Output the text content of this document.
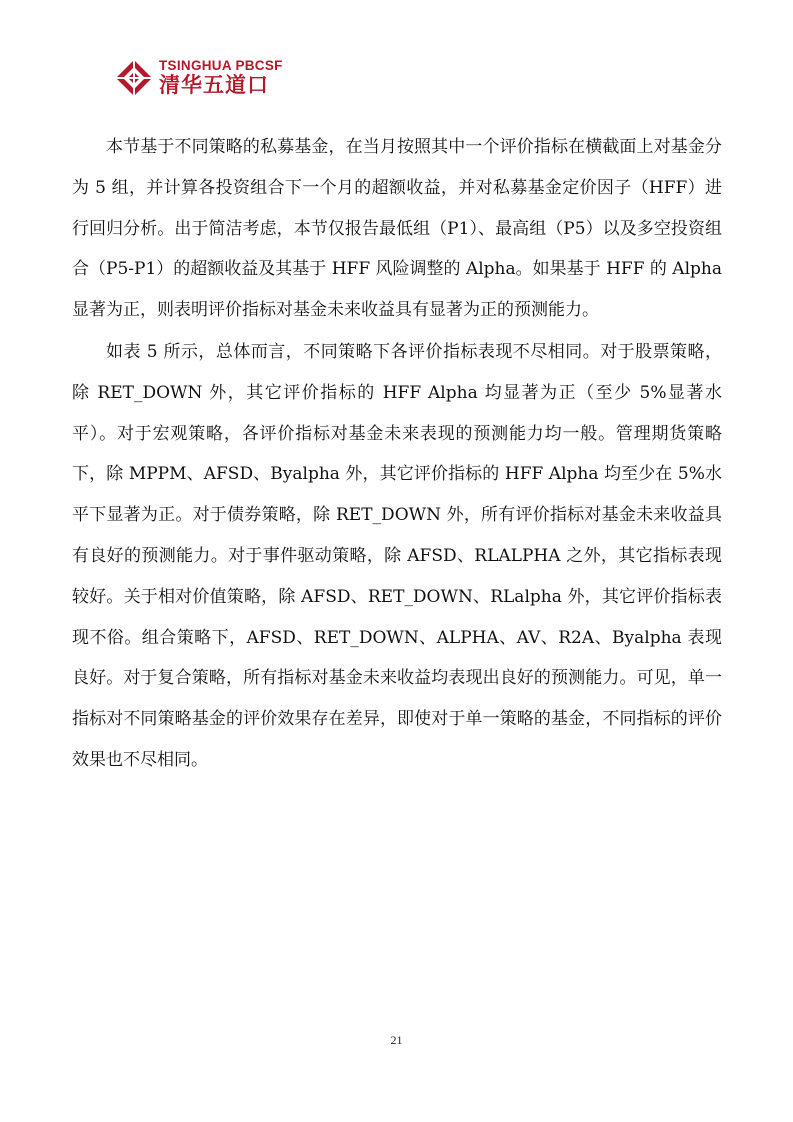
TSINGHUA PBCSF
清华五道口

本节基于不同策略的私募基金，在当月按照其中一个评价指标在横截面上对基金分为 5 组，并计算各投资组合下一个月的超额收益，并对私募基金定价因子（HFF）进行回归分析。出于简洁考虑，本节仅报告最低组（P1）、最高组（P5）以及多空投资组合（P5-P1）的超额收益及其基于 HFF 风险调整的 Alpha。如果基于 HFF 的 Alpha 显著为正，则表明评价指标对基金未来收益具有显著为正的预测能力。

如表 5 所示，总体而言，不同策略下各评价指标表现不尽相同。对于股票策略，除 RET_DOWN 外，其它评价指标的 HFF Alpha 均显著为正（至少 5%显著水平）。对于宏观策略，各评价指标对基金未来表现的预测能力均一般。管理期货策略下，除 MPPM、AFSD、Byalpha 外，其它评价指标的 HFF Alpha 均至少在 5%水平下显著为正。对于债券策略，除 RET_DOWN 外，所有评价指标对基金未来收益具有良好的预测能力。对于事件驱动策略，除 AFSD、RLALPHA 之外，其它指标表现较好。关于相对价值策略，除 AFSD、RET_DOWN、RLalpha 外，其它评价指标表现不俗。组合策略下，AFSD、RET_DOWN、ALPHA、AV、R2A、Byalpha 表现良好。对于复合策略，所有指标对基金未来收益均表现出良好的预测能力。可见，单一指标对不同策略基金的评价效果存在差异，即使对于单一策略的基金，不同指标的评价效果也不尽相同。

21
